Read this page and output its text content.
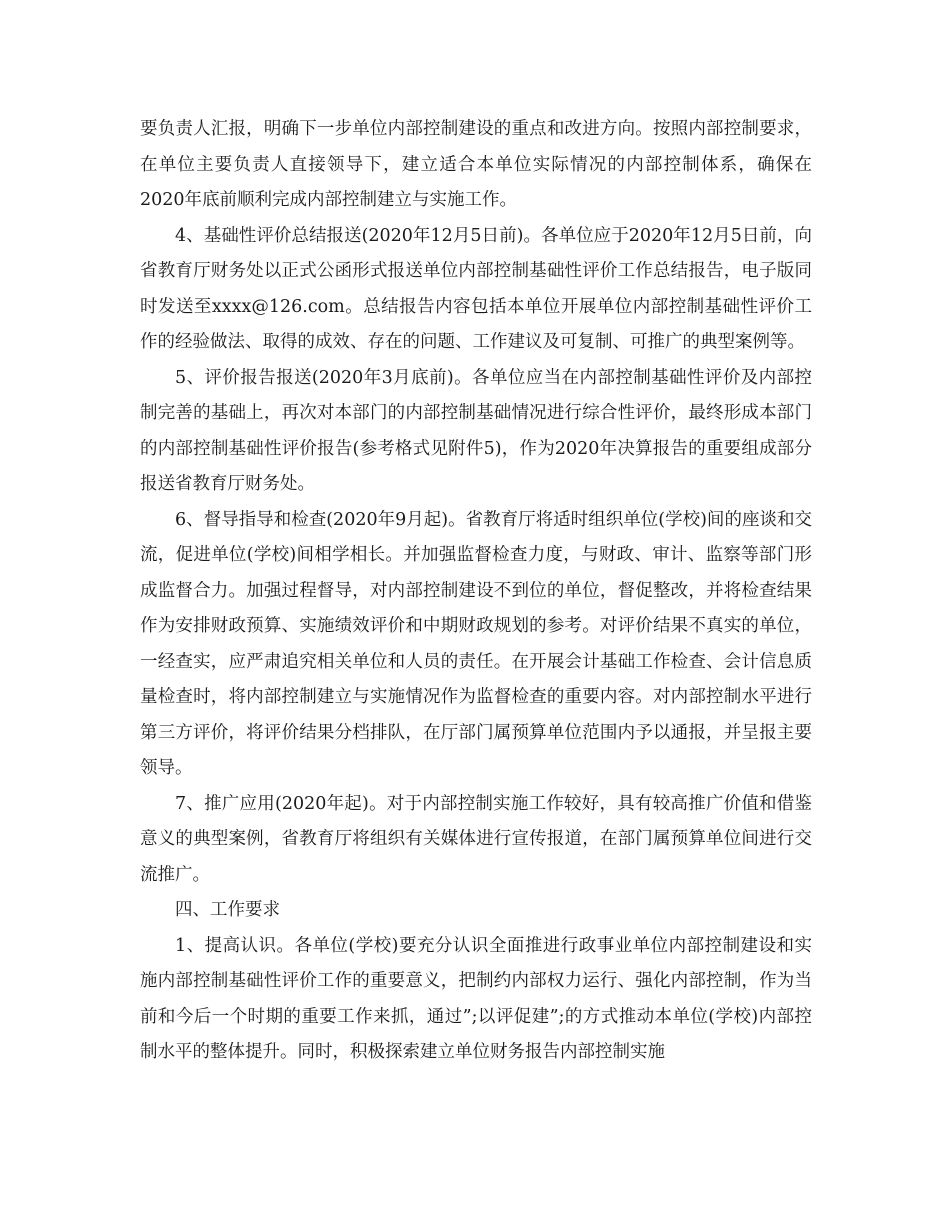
要负责人汇报，明确下一步单位内部控制建设的重点和改进方向。按照内部控制要求，在单位主要负责人直接领导下，建立适合本单位实际情况的内部控制体系，确保在2020年底前顺利完成内部控制建立与实施工作。

4、基础性评价总结报送(2020年12月5日前)。各单位应于2020年12月5日前，向省教育厅财务处以正式公函形式报送单位内部控制基础性评价工作总结报告，电子版同时发送至xxxx@126.com。总结报告内容包括本单位开展单位内部控制基础性评价工作的经验做法、取得的成效、存在的问题、工作建议及可复制、可推广的典型案例等。

5、评价报告报送(2020年3月底前)。各单位应当在内部控制基础性评价及内部控制完善的基础上，再次对本部门的内部控制基础情况进行综合性评价，最终形成本部门的内部控制基础性评价报告(参考格式见附件5)，作为2020年决算报告的重要组成部分报送省教育厅财务处。

6、督导指导和检查(2020年9月起)。省教育厅将适时组织单位(学校)间的座谈和交流，促进单位(学校)间相学相长。并加强监督检查力度，与财政、审计、监察等部门形成监督合力。加强过程督导，对内部控制建设不到位的单位，督促整改，并将检查结果作为安排财政预算、实施绩效评价和中期财政规划的参考。对评价结果不真实的单位，一经查实，应严肃追究相关单位和人员的责任。在开展会计基础工作检查、会计信息质量检查时，将内部控制建立与实施情况作为监督检查的重要内容。对内部控制水平进行第三方评价，将评价结果分档排队，在厅部门属预算单位范围内予以通报，并呈报主要领导。

7、推广应用(2020年起)。对于内部控制实施工作较好，具有较高推广价值和借鉴意义的典型案例，省教育厅将组织有关媒体进行宣传报道，在部门属预算单位间进行交流推广。

四、工作要求

1、提高认识。各单位(学校)要充分认识全面推进行政事业单位内部控制建设和实施内部控制基础性评价工作的重要意义，把制约内部权力运行、强化内部控制，作为当前和今后一个时期的重要工作来抓，通过”;以评促建”;的方式推动本单位(学校)内部控制水平的整体提升。同时，积极探索建立单位财务报告内部控制实施
